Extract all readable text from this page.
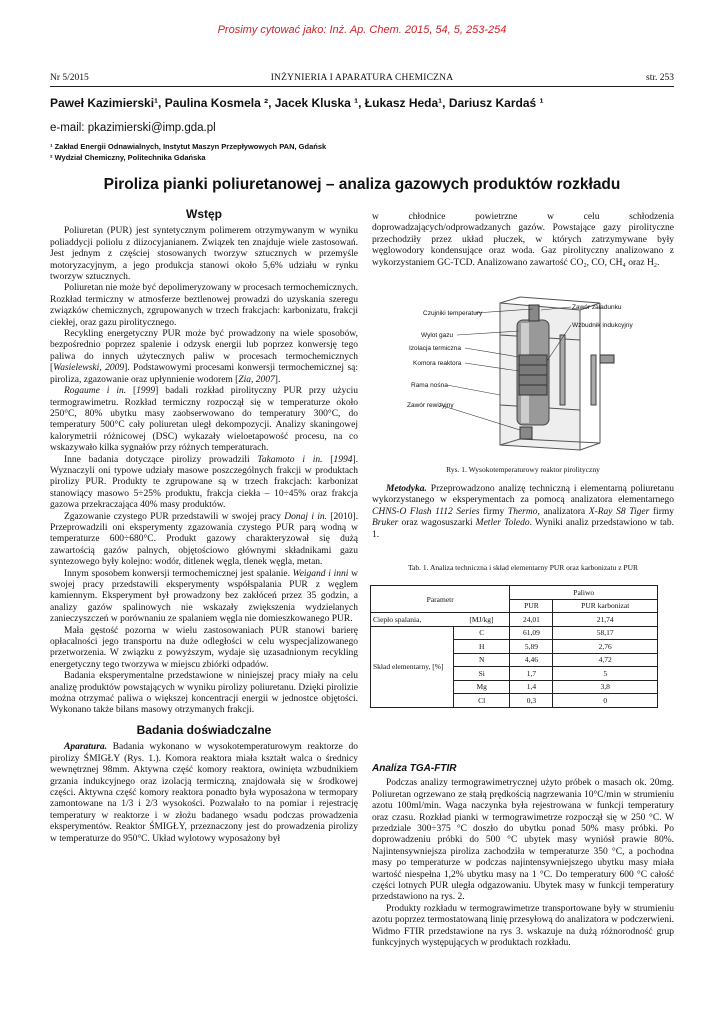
Prosimy cytować jako: Inż. Ap. Chem. 2015, 54, 5, 253-254
INŻYNIERIA I APARATURA CHEMICZNA
Nr 5/2015	str. 253
Paweł Kazimierski¹, Paulina Kosmela ², Jacek Kluska ¹, Łukasz Heda¹, Dariusz Kardaś ¹
e-mail: pkazimierski@imp.gda.pl
¹ Zakład Energii Odnawialnych, Instytut Maszyn Przepływowych PAN, Gdańsk
² Wydział Chemiczny, Politechnika Gdańska
Piroliza pianki poliuretanowej – analiza gazowych produktów rozkładu
Wstęp

Poliuretan (PUR) jest syntetycznym polimerem otrzymywanym w wyniku poliaddycji poliolu z diizocyjanianem. Związek ten znajduje wiele zastosowań. Jest jednym z częściej stosowanych tworzyw sztucznych w przemyśle motoryzacyjnym, a jego produkcja stanowi około 5,6% udziału w rynku tworzyw sztucznych.

Poliuretan nie może być depolimeryzowany w procesach termochemicznych. Rozkład termiczny w atmosferze beztlenowej prowadzi do uzyskania szeregu związków chemicznych, zgrupowanych w trzech frakcjach: karbonizatu, frakcji ciekłej, oraz gazu pirolitycznego.

Recykling energetyczny PUR może być prowadzony na wiele sposobów, bezpośrednio poprzez spalenie i odzysk energii lub poprzez konwersję tego paliwa do innych użytecznych paliw w procesach termochemicznych [Wasielewski, 2009]. Podstawowymi procesami konwersji termochemicznej są: piroliza, zgazowanie oraz upłynnienie wodorem [Zia, 2007].

Rogaume i in. [1999] badali rozkład pirolityczny PUR przy użyciu termograwimetru. Rozkład termiczny rozpoczął się w temperaturze około 250°C, 80% ubytku masy zaobserwowano do temperatury 300°C, do temperatury 500°C cały poliuretan uległ dekompozycji. Analizy skaningowej kalorymetrii różnicowej (DSC) wykazały wieloetapowość procesu, na co wskazywało kilka sygnałów przy różnych temperaturach.

Inne badania dotyczące pirolizy prowadzili Takamoto i in. [1994]. Wyznaczyli oni typowe udziały masowe poszczególnych frakcji w produktach pirolizy PUR. Produkty te zgrupowane są w trzech frakcjach: karbonizat stanowiący masowo 5÷25% produktu, frakcja ciekła – 10÷45% oraz frakcja gazowa przekraczająca 40% masy produktów.

Zgazowanie czystego PUR przedstawili w swojej pracy Donaj i in. [2010]. Przeprowadzili oni eksperymenty zgazowania czystego PUR parą wodną w temperaturze 600÷680°C. Produkt gazowy charakteryzował się dużą zawartością gazów palnych, objętościowo głównymi składnikami gazu syntezowego były kolejno: wodór, ditlenek węgla, tlenek węgla, metan.

Innym sposobem konwersji termochemicznej jest spalanie. Weigand i inni w swojej pracy przedstawili eksperymenty współspalania PUR z węglem kamiennym. Eksperyment był prowadzony bez zakłóceń przez 35 godzin, a analizy gazów spalinowych nie wskazały zwiększenia wydzielanych zanieczyszczeń w porównaniu ze spalaniem węgla nie domieszkowanego PUR.

Mała gęstość pozorna w wielu zastosowaniach PUR stanowi barierę opłacalności jego transportu na duże odległości w celu wyspecjalizowanego przetworzenia. W związku z powyższym, wydaje się uzasadnionym recykling energetyczny tego tworzywa w miejscu zbiórki odpadów.

Badania eksperymentalne przedstawione w niniejszej pracy miały na celu analizę produktów powstających w wyniku pirolizy poliuretanu. Dzięki pirolizie można otrzymać paliwa o większej koncentracji energii w jednostce objętości. Wykonano także bilans masowy otrzymanych frakcji.

Badania doświadczalne

Aparatura. Badania wykonano w wysokotemperaturowym reaktorze do pirolizy ŚMIGŁY (Rys. 1.). Komora reaktora miała kształt walca o średnicy wewnętrznej 98mm. Aktywna część komory reaktora, owinięta wzbudnikiem grzania indukcyjnego oraz izolacją termiczną, znajdowała się w środkowej części. Aktywna część komory reaktora ponadto była wyposażona w termopary zamontowane na 1/3 i 2/3 wysokości. Pozwalało to na pomiar i rejestrację temperatury w reaktorze i w złożu badanego wsadu podczas prowadzenia eksperymentów. Reaktor ŚMIGŁY, przeznaczony jest do prowadzenia pirolizy w temperaturze do 950°C. Układ wylotowy wyposażony był

w chłodnice powietrzne w celu schłodzenia doprowadzających/odprowadzanych gazów. Powstające gazy pirolityczne przechodziły przez układ płuczek, w których zatrzymywane były węglowodory kondensujące oraz woda. Gaz pirolityczny analizowano z wykorzystaniem GC-TCD. Analizowano zawartość CO₂, CO, CH₄ oraz H₂.

Czujniki temperatury
Wylot gazu
Izolacja termiczna
Komora reaktora
Rama nośna
Zawór rewizyjny
Zawór załadunku
Wzbudnik indukcyjny
Rys. 1. Wysokotemperaturowy reaktor pirolityczny

Metodyka. Przeprowadzono analizę techniczną i elementarną poliuretanu wykorzystanego w eksperymentach za pomocą analizatora elementarnego CHNS-O Flash 1112 Series firmy Thermo, analizatora X-Ray S8 Tiger firmy Bruker oraz wagosuszarki Metler Toledo. Wyniki analiz przedstawiono w tab. 1.

Tab. 1. Analiza techniczna i skład elementarny PUR oraz karbonizatu z PUR
Parametr		Paliwo	
		PUR	PUR karbonizat
Ciepło spalania,	[MJ/kg]	24,01	21,74
Skład elementarny, [%]	C	61,09	58,17
	H	5,89	2,76
	N	4,46	4,72
	Si	1,7	5
	Mg	1,4	3,8
	Cl	0,3	0
Analiza TGA-FTIR

Podczas analizy termograwimetrycznej użyto próbek o masach ok. 20mg. Poliuretan ogrzewano ze stałą prędkością nagrzewania 10°C/min w strumieniu azotu 100ml/min. Waga naczynka była rejestrowana w funkcji temperatury oraz czasu. Rozkład pianki w termograwimetrze rozpoczął się w 250 °C. W przedziale 300÷375 °C doszło do ubytku ponad 50% masy próbki. Po doprowadzeniu próbki do 500 °C ubytek masy wyniósł prawie 80%. Najintensywniejsza piroliza zachodziła w temperaturze 350 °C, a pochodna masy po temperaturze w podczas najintensywniejszego ubytku masy miała wartość niespełna 1,2% ubytku masy na 1 °C. Do temperatury 600 °C całość części lotnych PUR uległa odgazowaniu. Ubytek masy w funkcji temperatury przedstawiono na rys. 2.

Produkty rozkładu w termograwimetrze transportowane były w strumieniu azotu poprzez termostatowaną linię przesyłową do analizatora w podczerwieni. Widmo FTIR przedstawione na rys 3. wskazuje na dużą różnorodność grup funkcyjnych występujących w produktach rozkładu.
